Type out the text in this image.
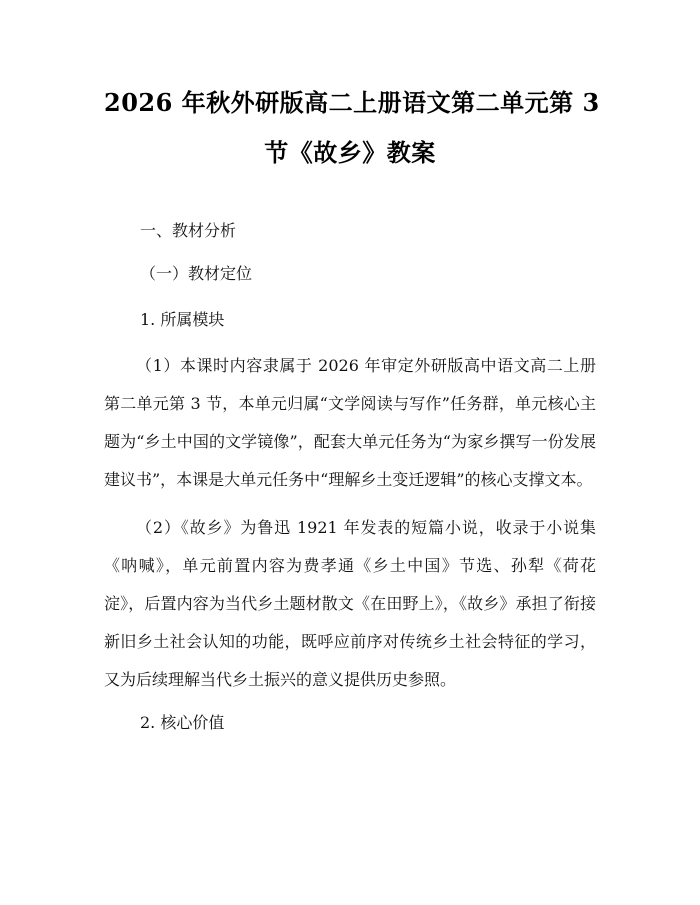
2026 年秋外研版高二上册语文第二单元第 3
节《故乡》教案

一、教材分析

（一）教材定位

1. 所属模块

（1）本课时内容隶属于 2026 年审定外研版高中语文高二上册第二单元第 3 节，本单元归属“文学阅读与写作”任务群，单元核心主题为“乡土中国的文学镜像”，配套大单元任务为“为家乡撰写一份发展建议书”，本课是大单元任务中“理解乡土变迁逻辑”的核心支撑文本。

（2）《故乡》为鲁迅 1921 年发表的短篇小说，收录于小说集《呐喊》，单元前置内容为费孝通《乡土中国》节选、孙犁《荷花淀》，后置内容为当代乡土题材散文《在田野上》，《故乡》承担了衔接新旧乡土社会认知的功能，既呼应前序对传统乡土社会特征的学习，又为后续理解当代乡土振兴的意义提供历史参照。

2. 核心价值
